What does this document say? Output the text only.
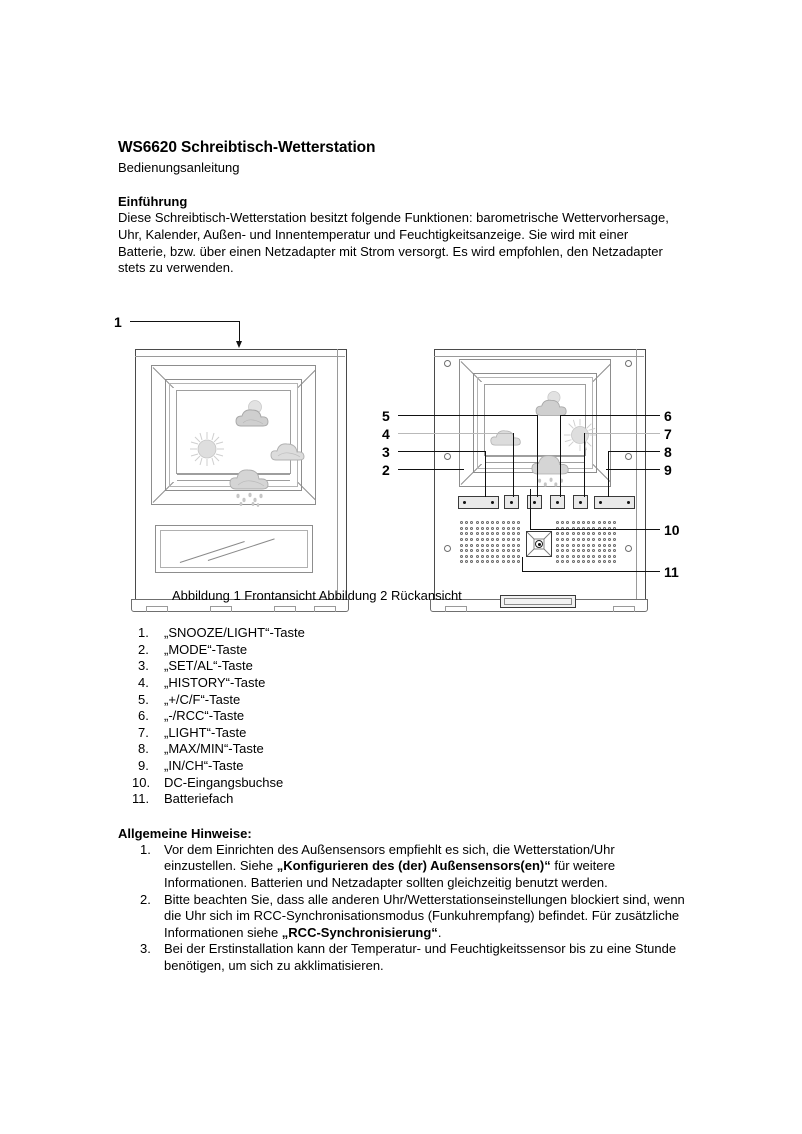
WS6620 Schreibtisch-Wetterstation

Bedienungsanleitung

Einführung

Diese Schreibtisch-Wetterstation besitzt folgende Funktionen: barometrische Wettervorhersage, Uhr, Kalender, Außen- und Innentemperatur und Feuchtigkeitsanzeige. Sie wird mit einer Batterie, bzw. über einen Netzadapter mit Strom versorgt. Es wird empfohlen, den Netzadapter stets zu verwenden.

1
5
4
3
2
6
7
8
9
10
11
Abbildung 1 Frontansicht Abbildung 2 Rückansicht
1.	„SNOOZE/LIGHT“-Taste
2.	„MODE“-Taste
3.	„SET/AL“-Taste
4.	„HISTORY“-Taste
5.	„+/C/F“-Taste
6.	„-/RCC“-Taste
7.	„LIGHT“-Taste
8.	„MAX/MIN“-Taste
9.	„IN/CH“-Taste
10.	DC-Eingangsbuchse
11.	Batteriefach
Allgemeine Hinweise:
1. Vor dem Einrichten des Außensensors empfiehlt es sich, die Wetterstation/Uhr einzustellen. Siehe „Konfigurieren des (der) Außensensors(en)“ für weitere Informationen. Batterien und Netzadapter sollten gleichzeitig benutzt werden.
2. Bitte beachten Sie, dass alle anderen Uhr/Wetterstationseinstellungen blockiert sind, wenn die Uhr sich im RCC-Synchronisationsmodus (Funkuhrempfang) befindet. Für zusätzliche Informationen siehe „RCC-Synchronisierung“.
3. Bei der Erstinstallation kann der Temperatur- und Feuchtigkeitssensor bis zu eine Stunde benötigen, um sich zu akklimatisieren.
